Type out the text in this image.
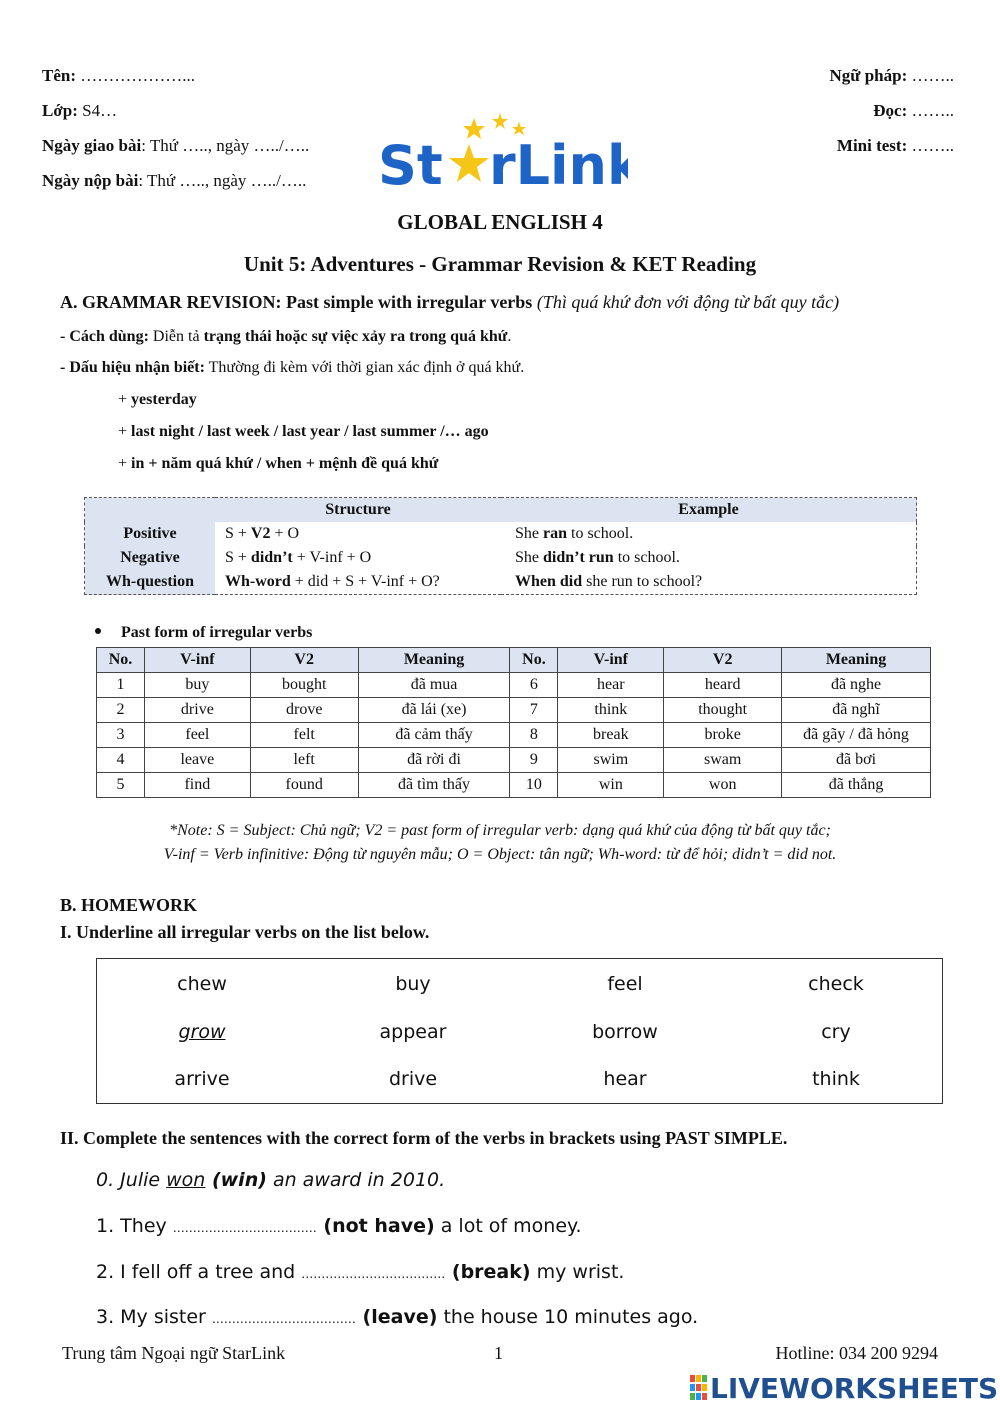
Tên: ………………...
Lớp: S4…
Ngày giao bài: Thứ ….., ngày …../…..
Ngày nộp bài: Thứ ….., ngày …../…..
Ngữ pháp: ……..
Đọc: ……..
Mini test: ……..
St rLink
GLOBAL ENGLISH 4
Unit 5: Adventures - Grammar Revision & KET Reading
A. GRAMMAR REVISION: Past simple with irregular verbs (Thì quá khứ đơn với động từ bất quy tắc)
- Cách dùng: Diễn tả trạng thái hoặc sự việc xảy ra trong quá khứ.
- Dấu hiệu nhận biết: Thường đi kèm với thời gian xác định ở quá khứ.
+ yesterday
+ last night / last week / last year / last summer /… ago
+ in + năm quá khứ / when + mệnh đề quá khứ
	Structure	Example
Positive	S + V2 + O	She ran to school.
Negative	S + didn’t + V-inf + O	She didn’t run to school.
Wh-question	Wh-word + did + S + V-inf + O?	When did she run to school?
Past form of irregular verbs
No.	V-inf	V2	Meaning	No.	V-inf	V2	Meaning
1	buy	bought	đã mua	6	hear	heard	đã nghe
2	drive	drove	đã lái (xe)	7	think	thought	đã nghĩ
3	feel	felt	đã cảm thấy	8	break	broke	đã gãy / đã hỏng
4	leave	left	đã rời đi	9	swim	swam	đã bơi
5	find	found	đã tìm thấy	10	win	won	đã thắng
*Note: S = Subject: Chủ ngữ; V2 = past form of irregular verb: dạng quá khứ của động từ bất quy tắc;
V-inf = Verb infinitive: Động từ nguyên mẫu; O = Object: tân ngữ; Wh-word: từ để hỏi; didn’t = did not.
B. HOMEWORK
I. Underline all irregular verbs on the list below.
chew	buy	feel	check
grow	appear	borrow	cry
arrive	drive	hear	think
II. Complete the sentences with the correct form of the verbs in brackets using PAST SIMPLE.
0. Julie won (win) an award in 2010.
1. They ……………………………… (not have) a lot of money.
2. I fell off a tree and ……………………………… (break) my wrist.
3. My sister ……………………………… (leave) the house 10 minutes ago.
Trung tâm Ngoại ngữ StarLink	1	Hotline: 034 200 9294
LIVEWORKSHEETS
